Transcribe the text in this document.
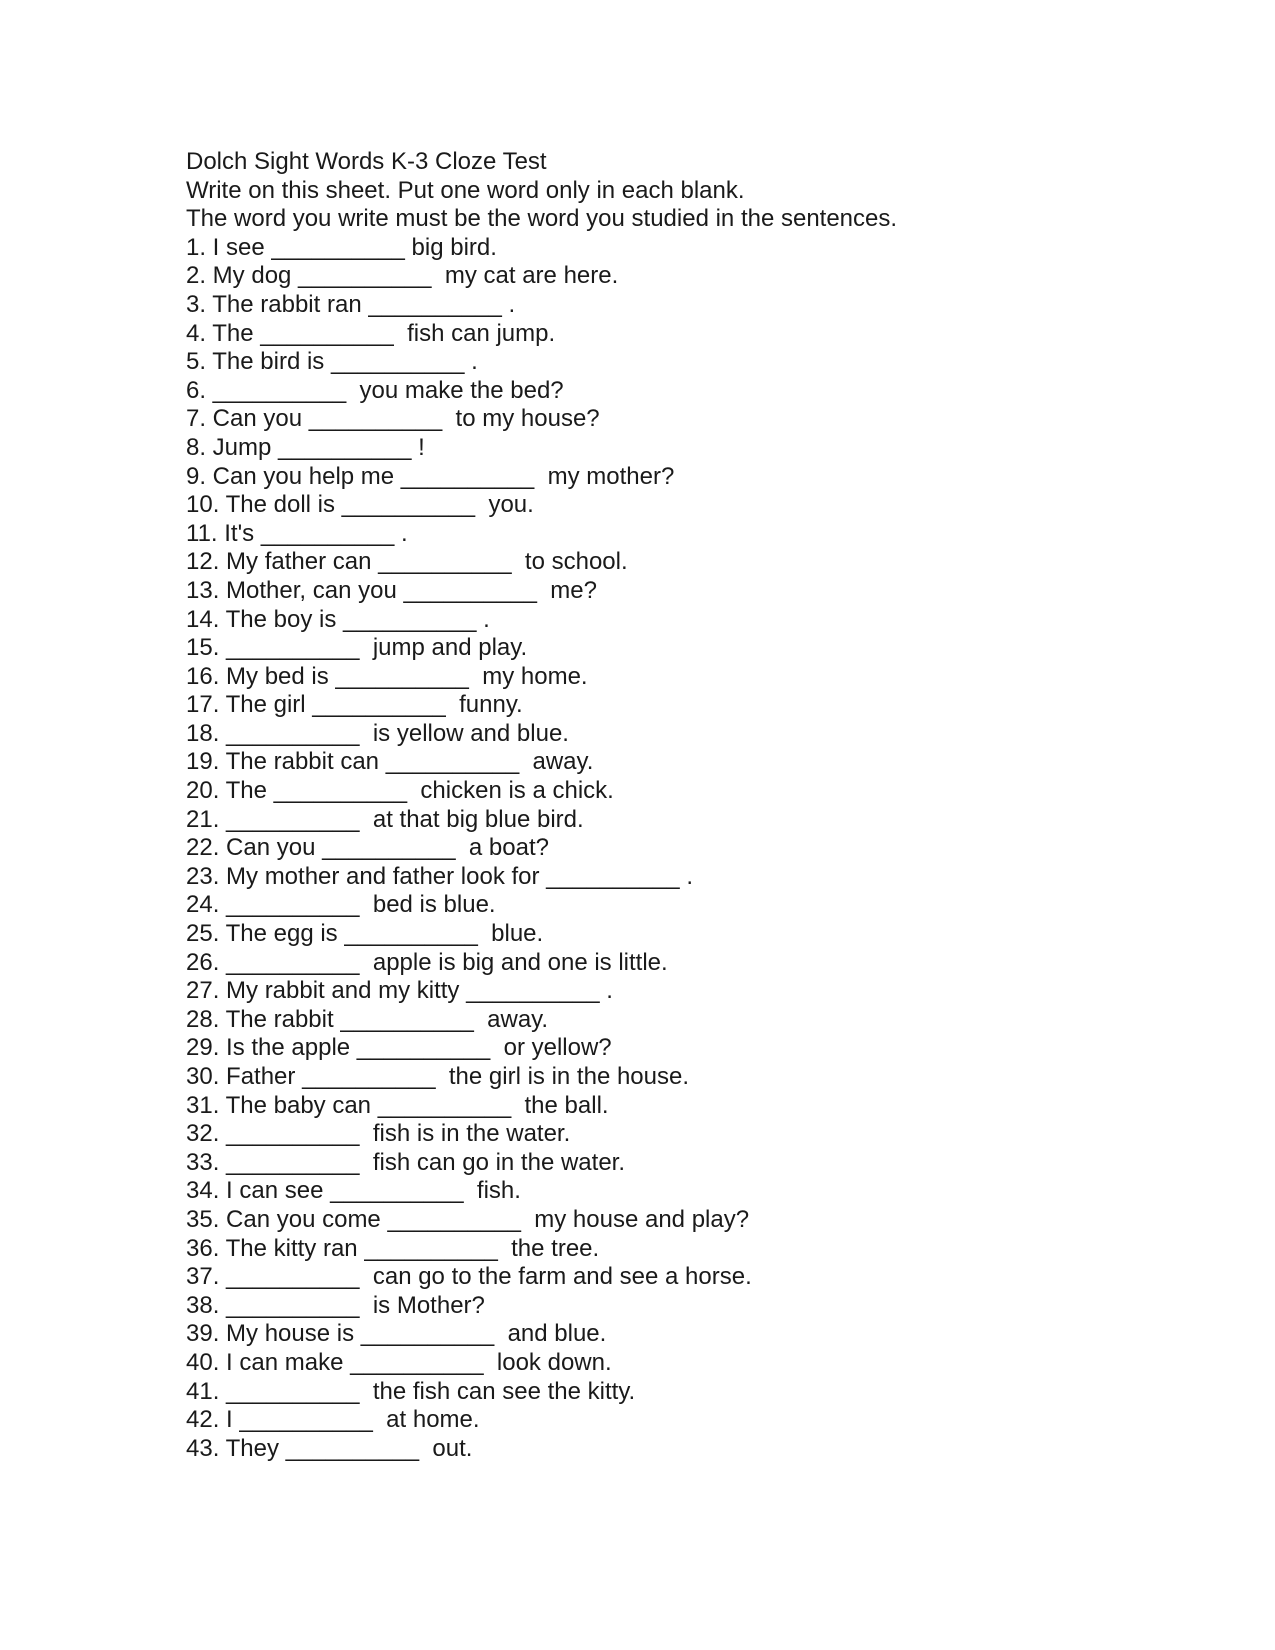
Dolch Sight Words K-3 Cloze Test

Write on this sheet. Put one word only in each blank.

The word you write must be the word you studied in the sentences.

1. I see __________ big bird.

2. My dog __________  my cat are here.

3. The rabbit ran __________ .

4. The __________  fish can jump.

5. The bird is __________ .

6. __________  you make the bed?

7. Can you __________  to my house?

8. Jump __________ !

9. Can you help me __________  my mother?

10. The doll is __________  you.

11. It's __________ .

12. My father can __________  to school.

13. Mother, can you __________  me?

14. The boy is __________ .

15. __________  jump and play.

16. My bed is __________  my home.

17. The girl __________  funny.

18. __________  is yellow and blue.

19. The rabbit can __________  away.

20. The __________  chicken is a chick.

21. __________  at that big blue bird.

22. Can you __________  a boat?

23. My mother and father look for __________ .

24. __________  bed is blue.

25. The egg is __________  blue.

26. __________  apple is big and one is little.

27. My rabbit and my kitty __________ .

28. The rabbit __________  away.

29. Is the apple __________  or yellow?

30. Father __________  the girl is in the house.

31. The baby can __________  the ball.

32. __________  fish is in the water.

33. __________  fish can go in the water.

34. I can see __________  fish.

35. Can you come __________  my house and play?

36. The kitty ran __________  the tree.

37. __________  can go to the farm and see a horse.

38. __________  is Mother?

39. My house is __________  and blue.

40. I can make __________  look down.

41. __________  the fish can see the kitty.

42. I __________  at home.

43. They __________  out.
